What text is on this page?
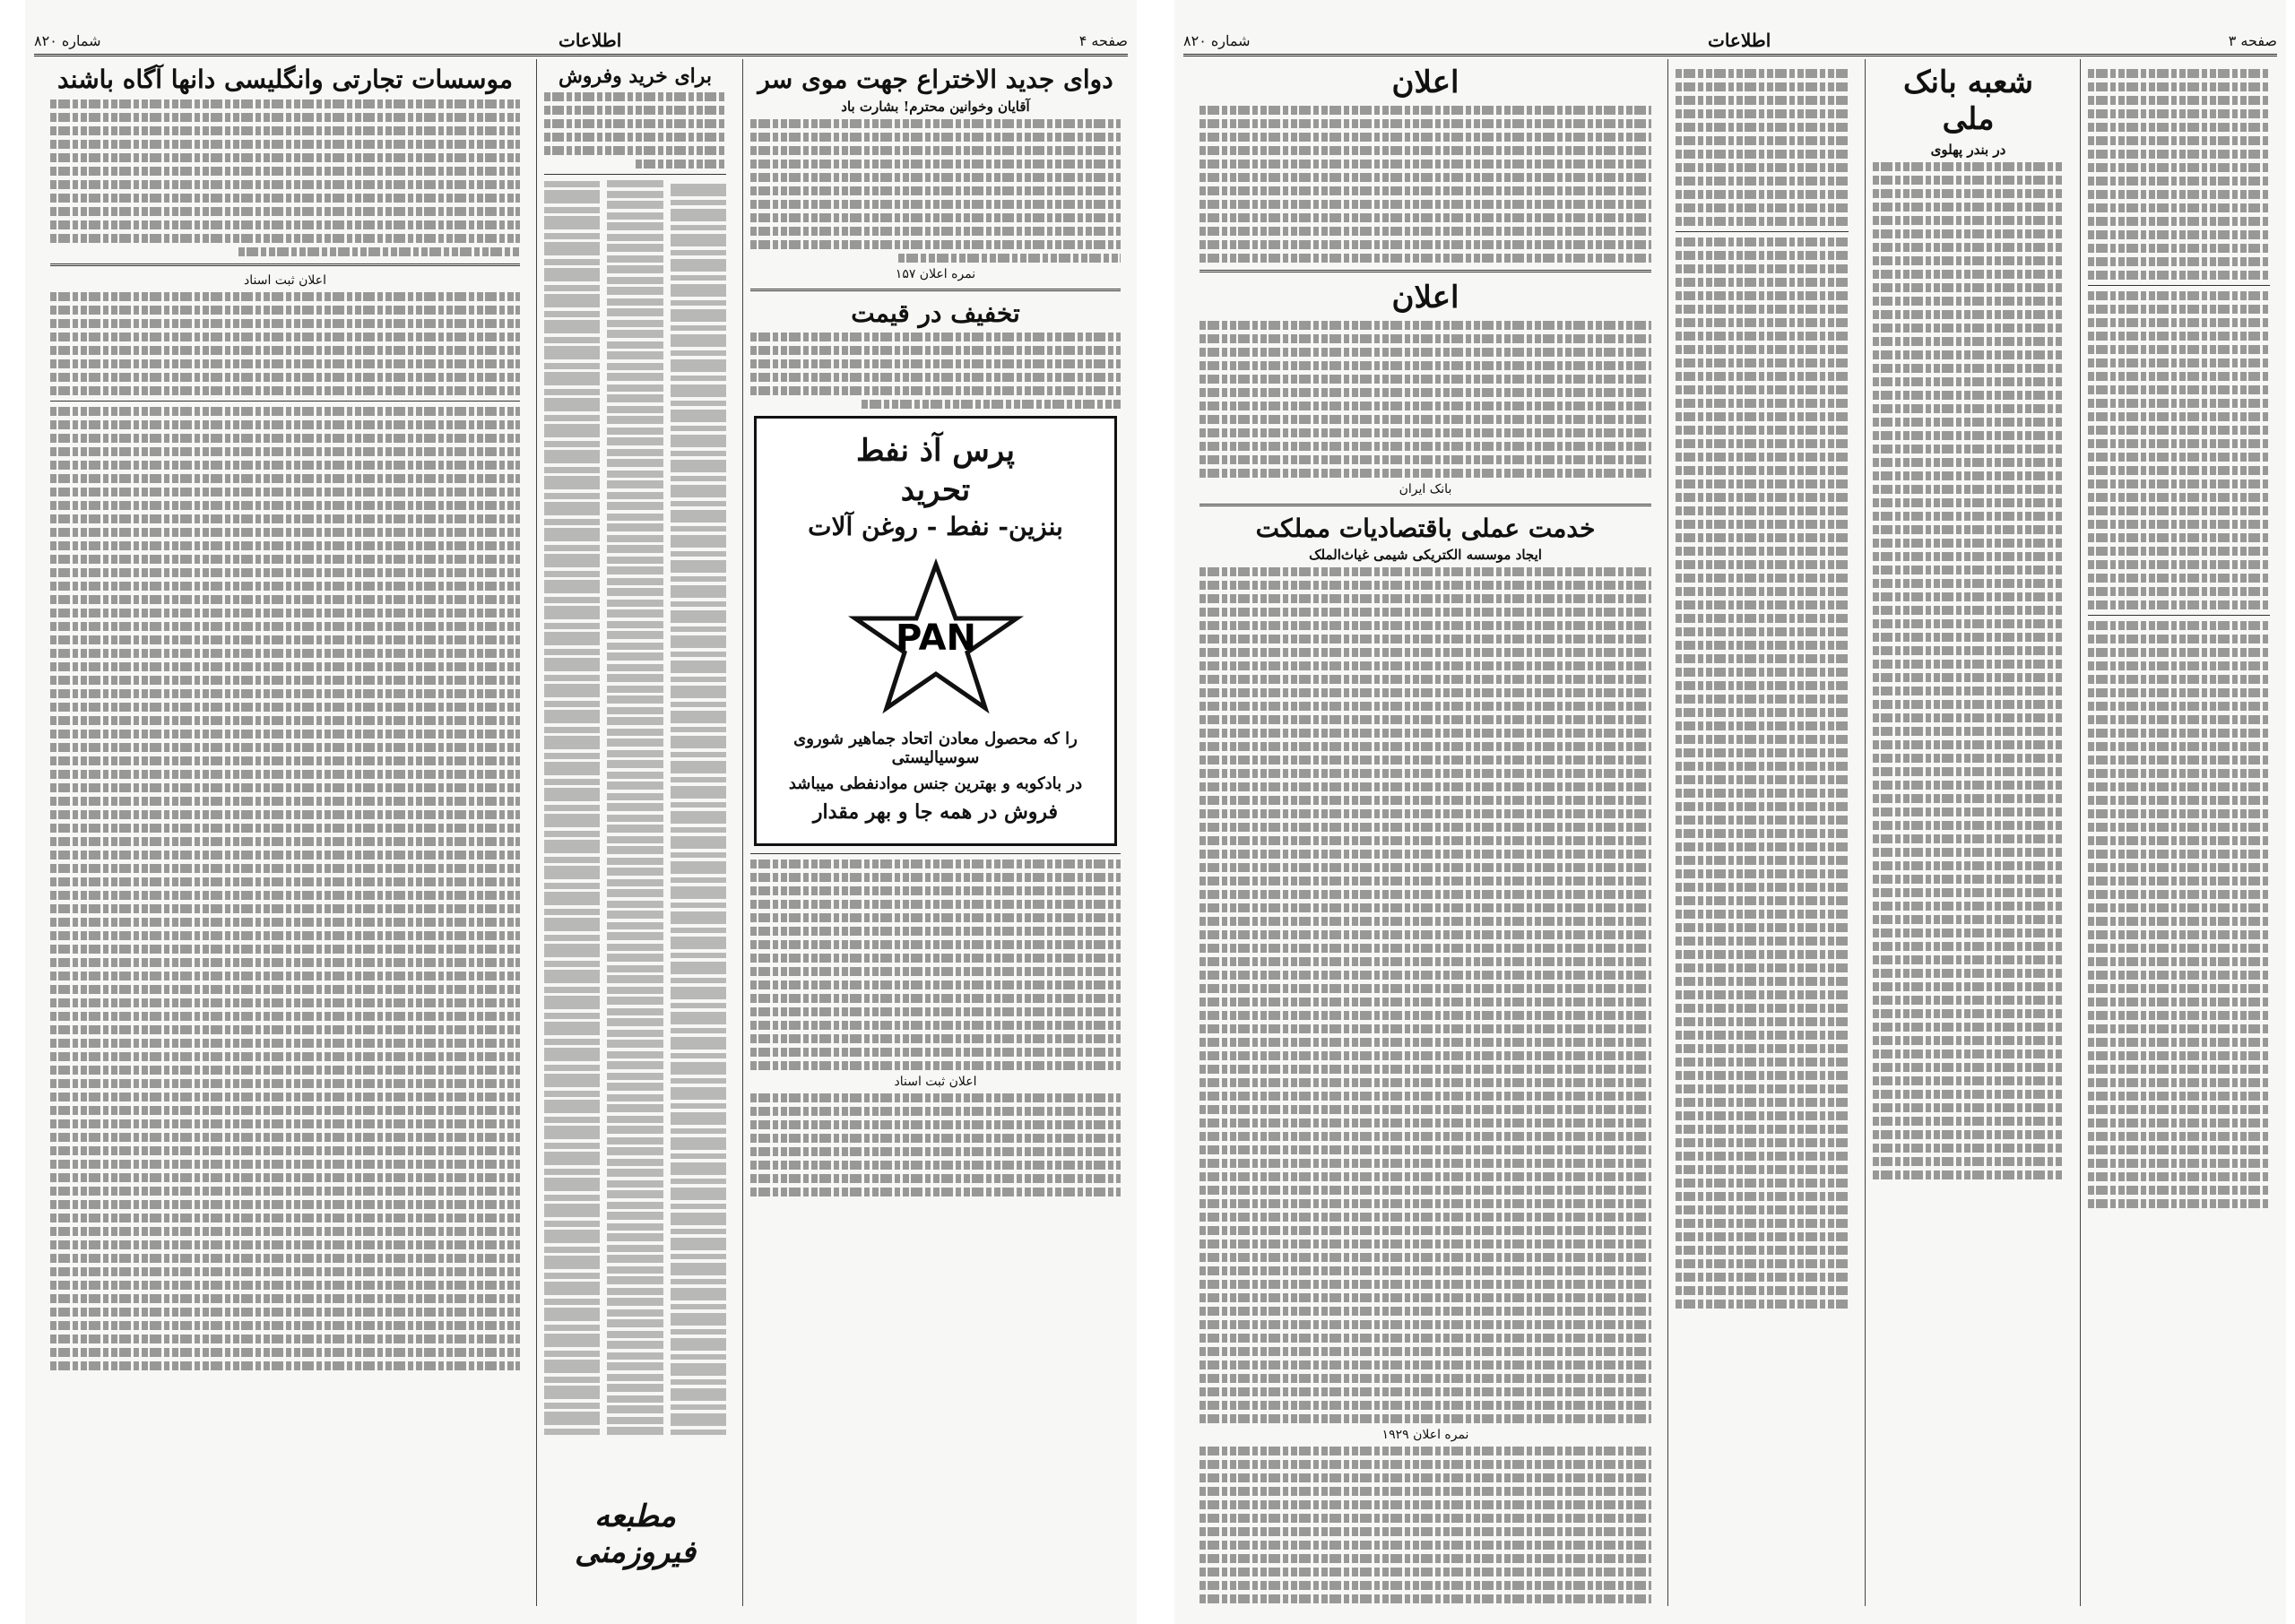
صفحه ۴
اطلاعات
شماره ۸۲۰
دوای جدید الاختراع جهت موی سر
آقایان وخوانین محترم! بشارت باد
نمره اعلان ۱۵۷
تخفیف در قیمت
پرس آذ نفط
تحرید
بنزین- نفط - روغن آلات
PAN
را که محصول معادن اتحاد جماهیر شوروی سوسیالیستی
در بادکوبه و بهترین جنس موادنفطی میباشد
فروش در همه جا و بهر مقدار
اعلان ثبت اسناد
برای خرید وفروش
مطبعه فیروزمنی
موسسات تجارتی وانگلیسی دانها آگاه باشند
اعلان ثبت اسناد
صفحه ۳
اطلاعات
شماره ۸۲۰
شعبه بانک ملی
در بندر پهلوی
اعلان
اعلان
بانک ایران
خدمت عملی باقتصادیات مملکت
ایجاد موسسه الکتریکی شیمی غیاث‌الملک
نمره اعلان ۱۹۲۹
